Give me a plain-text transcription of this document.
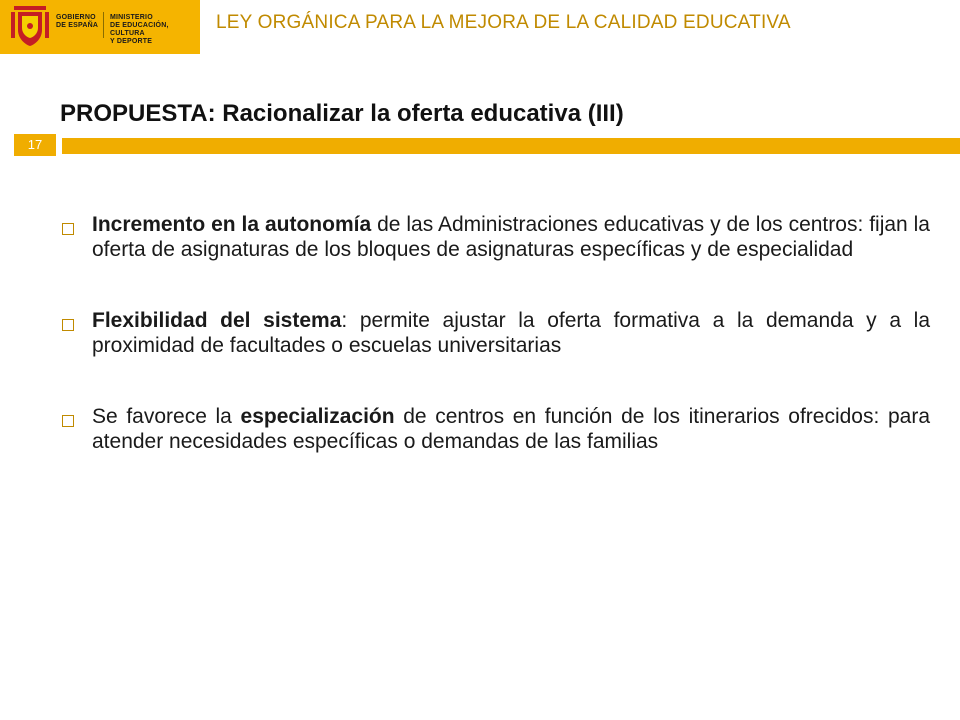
GOBIERNO
DE ESPAÑA
MINISTERIO
DE EDUCACIÓN, CULTURA
Y DEPORTE
LEY ORGÁNICA PARA LA MEJORA DE LA CALIDAD EDUCATIVA
PROPUESTA: Racionalizar la oferta educativa (III)
17
Incremento en la autonomía de las Administraciones educativas y de los centros: fijan la oferta de asignaturas de los bloques de asignaturas específicas y de especialidad
Flexibilidad del sistema: permite ajustar la oferta formativa a la demanda y a la proximidad de facultades o escuelas universitarias
Se favorece la especialización de centros en función de los itinerarios ofrecidos: para atender necesidades específicas o demandas de las familias
